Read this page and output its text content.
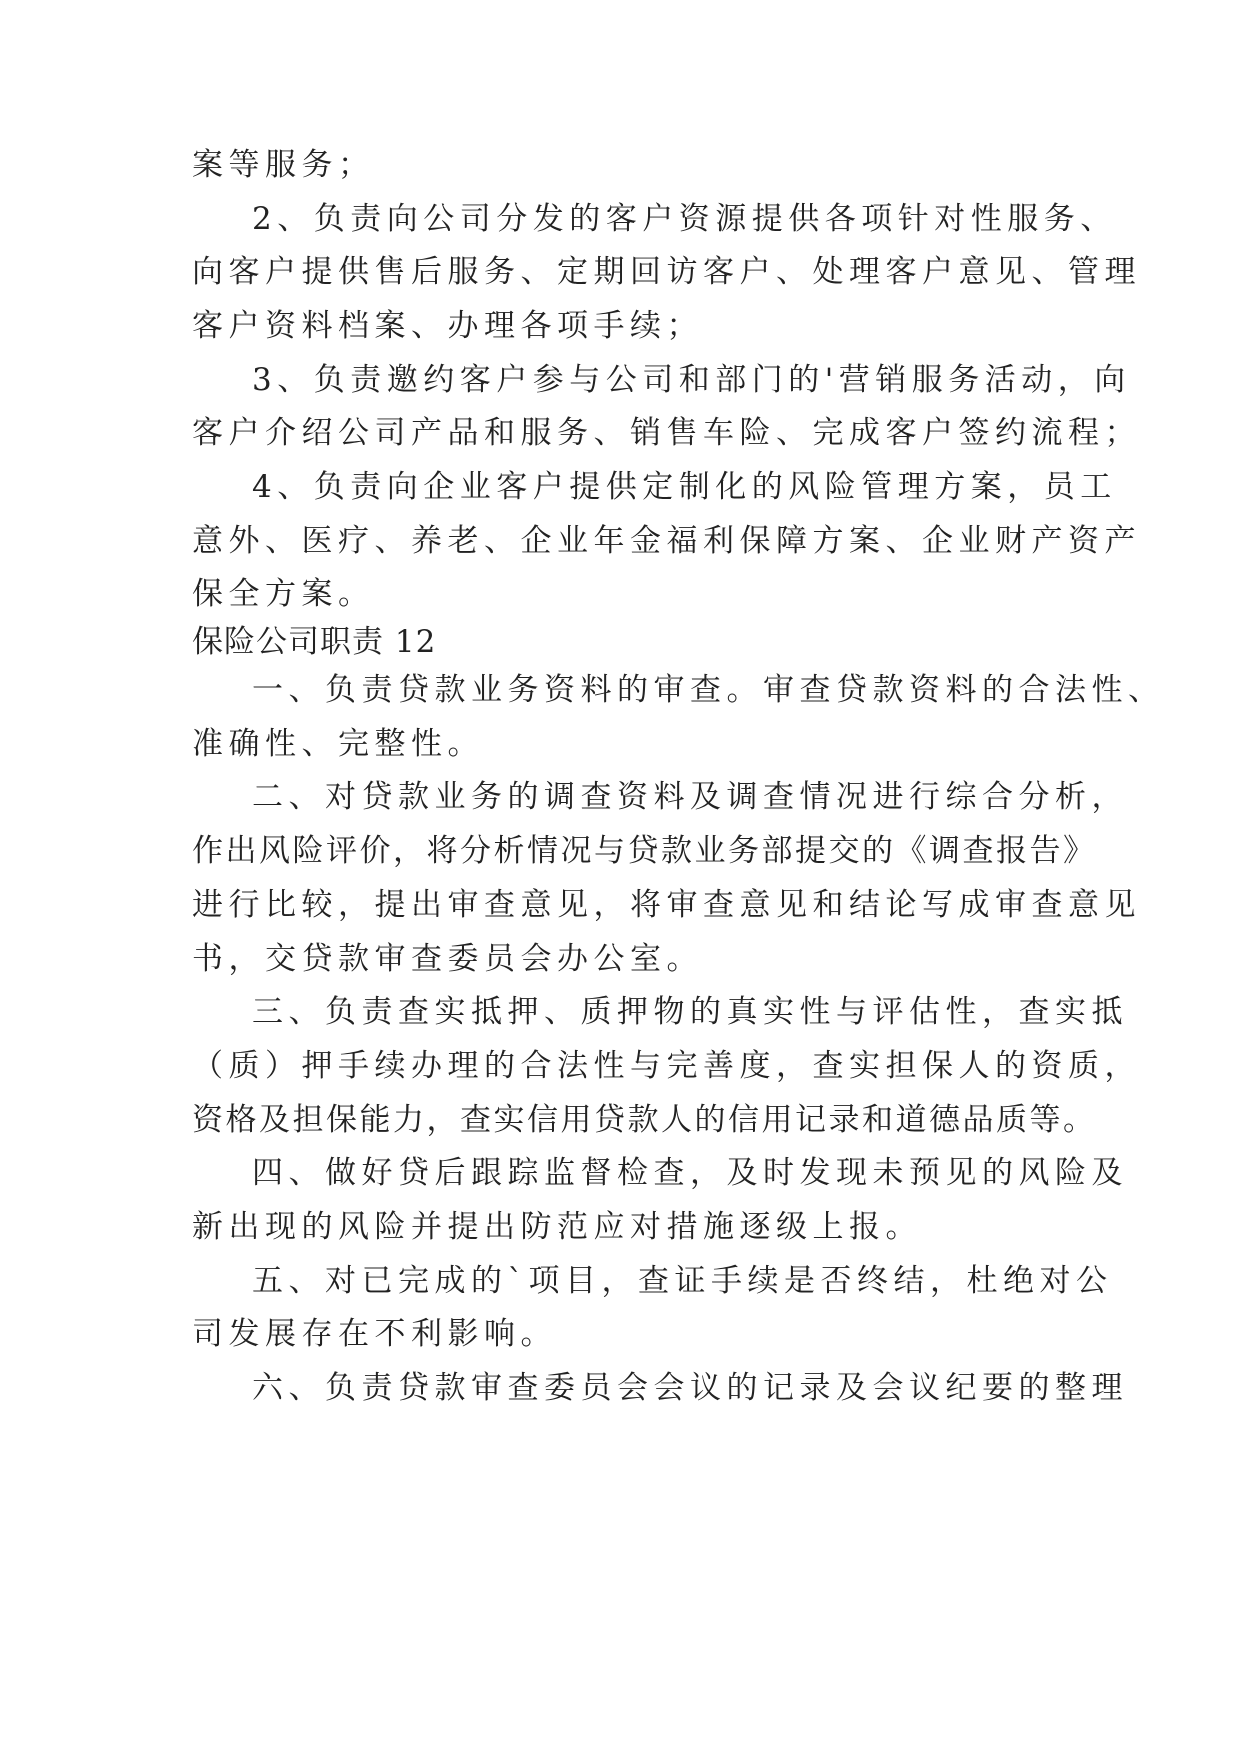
案等服务；
2、负责向公司分发的客户资源提供各项针对性服务、
向客户提供售后服务、定期回访客户、处理客户意见、管理
客户资料档案、办理各项手续；
3、负责邀约客户参与公司和部门的'营销服务活动，向
客户介绍公司产品和服务、销售车险、完成客户签约流程；
4、负责向企业客户提供定制化的风险管理方案，员工
意外、医疗、养老、企业年金福利保障方案、企业财产资产
保全方案。
保险公司职责 12
一、负责贷款业务资料的审查。审查贷款资料的合法性、
准确性、完整性。
二、对贷款业务的调查资料及调查情况进行综合分析，
作出风险评价，将分析情况与贷款业务部提交的《调查报告》
进行比较，提出审查意见，将审查意见和结论写成审查意见
书，交贷款审查委员会办公室。
三、负责查实抵押、质押物的真实性与评估性，查实抵
（质）押手续办理的合法性与完善度，查实担保人的资质，
资格及担保能力，查实信用贷款人的信用记录和道德品质等。
四、做好贷后跟踪监督检查，及时发现未预见的风险及
新出现的风险并提出防范应对措施逐级上报。
五、对已完成的`项目，查证手续是否终结，杜绝对公
司发展存在不利影响。
六、负责贷款审查委员会会议的记录及会议纪要的整理
